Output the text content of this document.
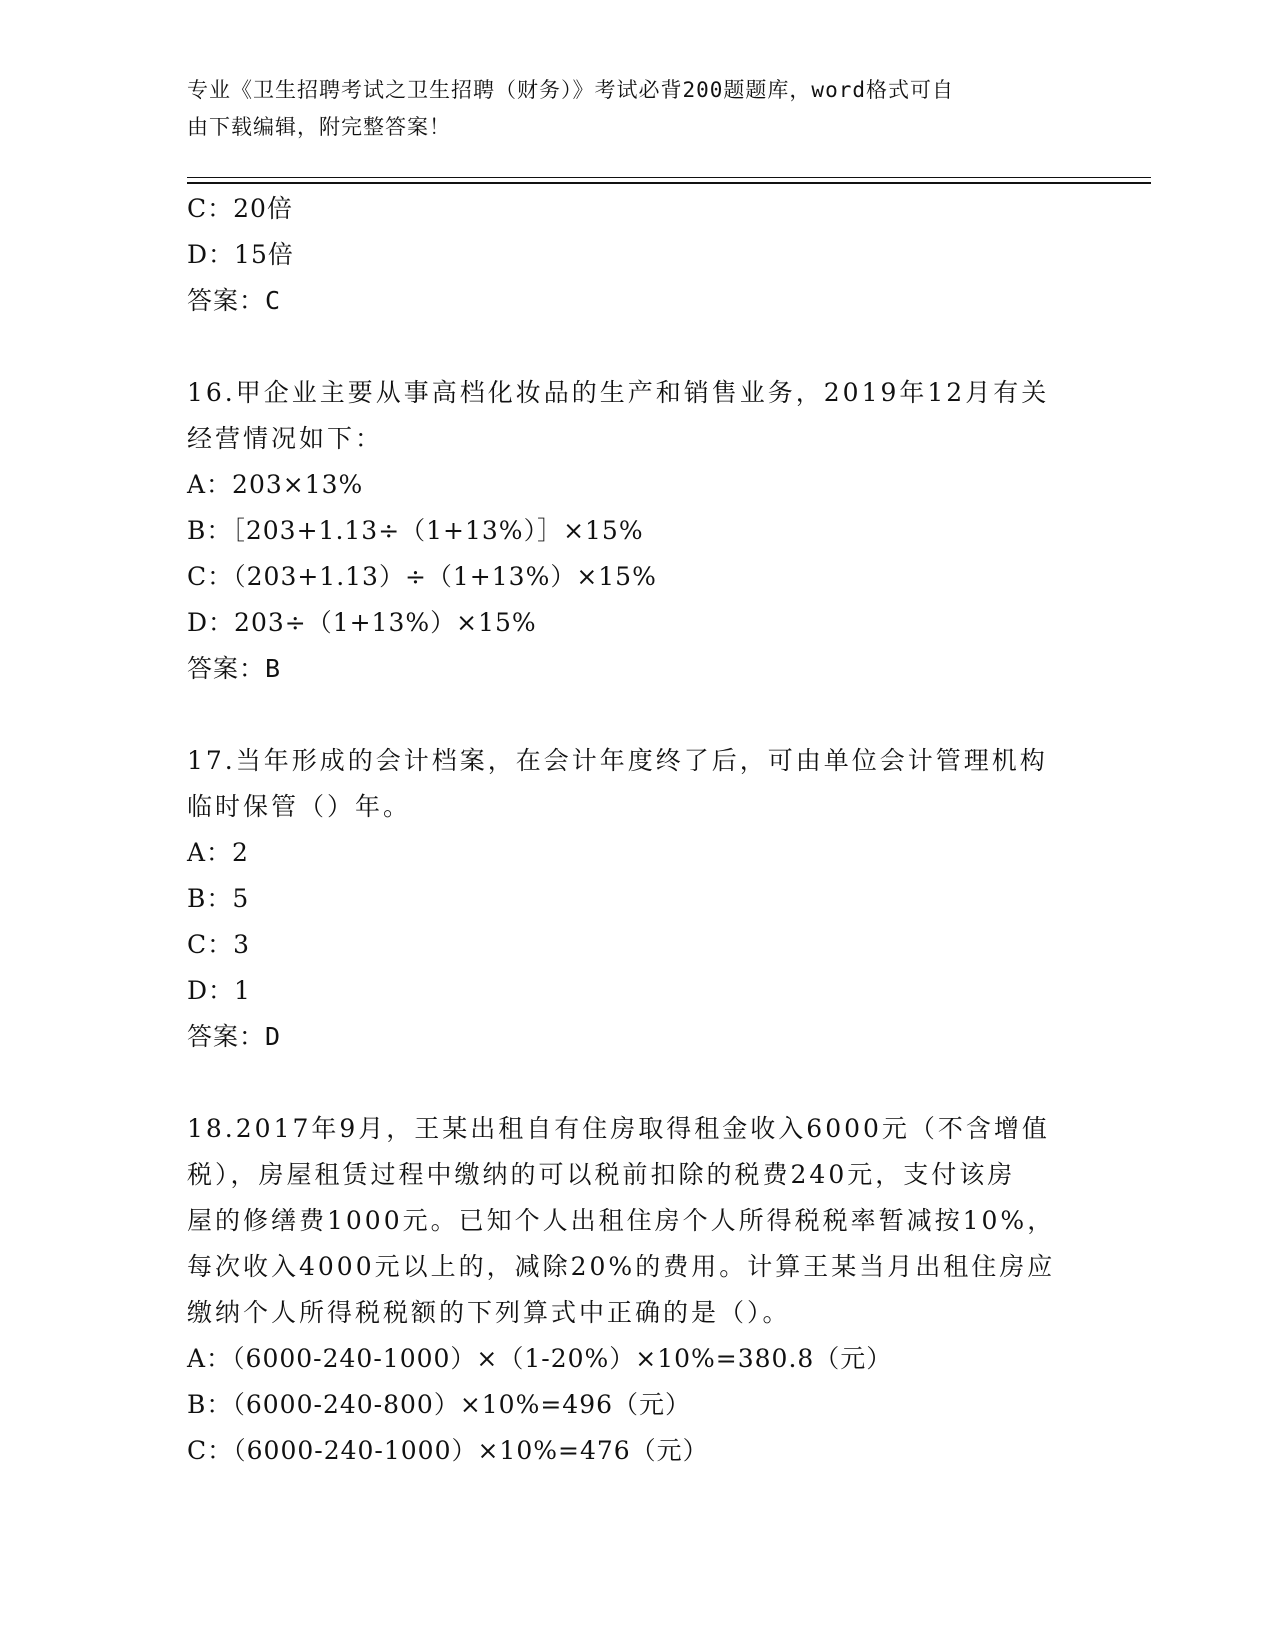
专业《卫生招聘考试之卫生招聘（财务）》考试必背200题题库，word格式可自
由下载编辑，附完整答案！
C：20倍
D：15倍
答案：C
16.甲企业主要从事高档化妆品的生产和销售业务，2019年12月有关
经营情况如下：
A：203×13%
B：［203+1.13÷（1+13%）］×15%
C：（203+1.13）÷（1+13%）×15%
D：203÷（1+13%）×15%
答案：B
17.当年形成的会计档案，在会计年度终了后，可由单位会计管理机构
临时保管（）年。
A：2
B：5
C：3
D：1
答案：D
18.2017年9月，王某出租自有住房取得租金收入6000元（不含增值
税），房屋租赁过程中缴纳的可以税前扣除的税费240元，支付该房
屋的修缮费1000元。已知个人出租住房个人所得税税率暂减按10%，
每次收入4000元以上的，减除20%的费用。计算王某当月出租住房应
缴纳个人所得税税额的下列算式中正确的是（）。
A：（6000-240-1000）×（1-20%）×10%=380.8（元）
B：（6000-240-800）×10%=496（元）
C：（6000-240-1000）×10%=476（元）
